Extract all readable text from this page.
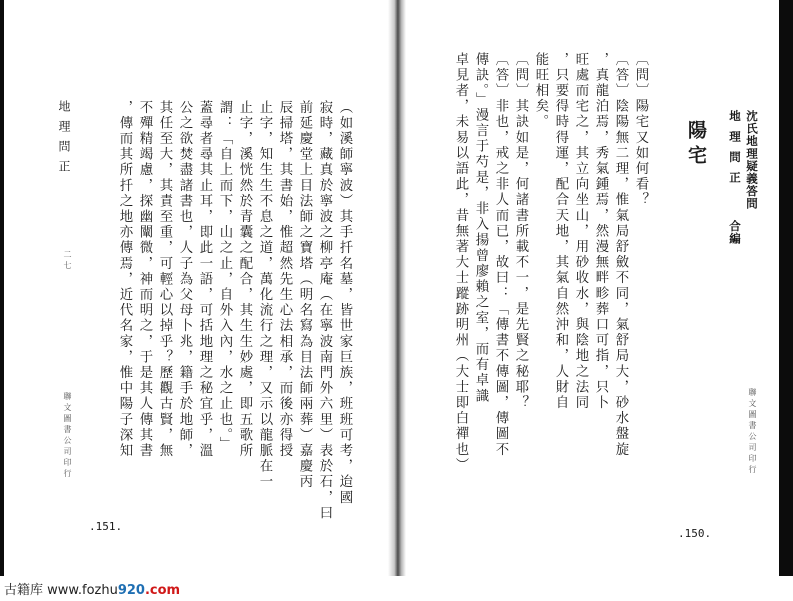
地理問正
二七
聯文圖書公司印行
.151.
（如溪師寧波）其手扦名墓，皆世家巨族，班班可考，迨國
寂時，藏真於寧波之柳亭庵（在寧波南門外六里）表於石，曰
前延慶堂上目法師之寶塔（明名寫為目法師兩葬）嘉慶丙
辰掃塔，其書始，惟超然先生心法相承，而後亦得授
止字，知生生不息之道，萬化流行之理，又示以龍脈在一
止字，溪恍然於青囊之配合，其生生妙處，即五歌所
謂：「自上而下，山之止，自外入內，水之止也。」
蓋尋者尋其止耳，即此一語，可括地理之秘宜乎，溫
公之欲焚盡諸書也，人子為父母卜兆，籍手於地師，
其任至大，其責至重，可輕心以掉乎？歷觀古賢，無
不殫精竭慮，探幽闡微，神而明之，于是其人傳其書
，傳而其所扦之地亦傳焉，近代名家，惟中陽子深知	聯文圖書公司印行
.150.
沈氏地理疑義答問
地理問正
合編
陽宅
〔問〕陽宅又如何看？
〔答〕陰陽無二理，惟氣局舒斂不同，氣舒局大，砂水盤旋
，真龍泊焉，秀氣鍾焉，然漫無畔畛葬口可指，只卜
旺處而宅之，其立向坐山，用砂收水，與陰地之法同
，只要得時得運，配合天地，其氣自然沖和，人財自
能旺相矣。
〔問〕其訣如是，何諸書所載不一，是先賢之秘耶？
〔答〕非也，戒之非人而已，故曰：「傳書不傳圖，傳圖不
傳訣。」漫言于芍是，非入揚曾廖賴之室，而有卓識
卓見者，未易以語此，昔無著大士蹤跡明州（大士即白禪也）
古籍库 www.fozhu920.com
